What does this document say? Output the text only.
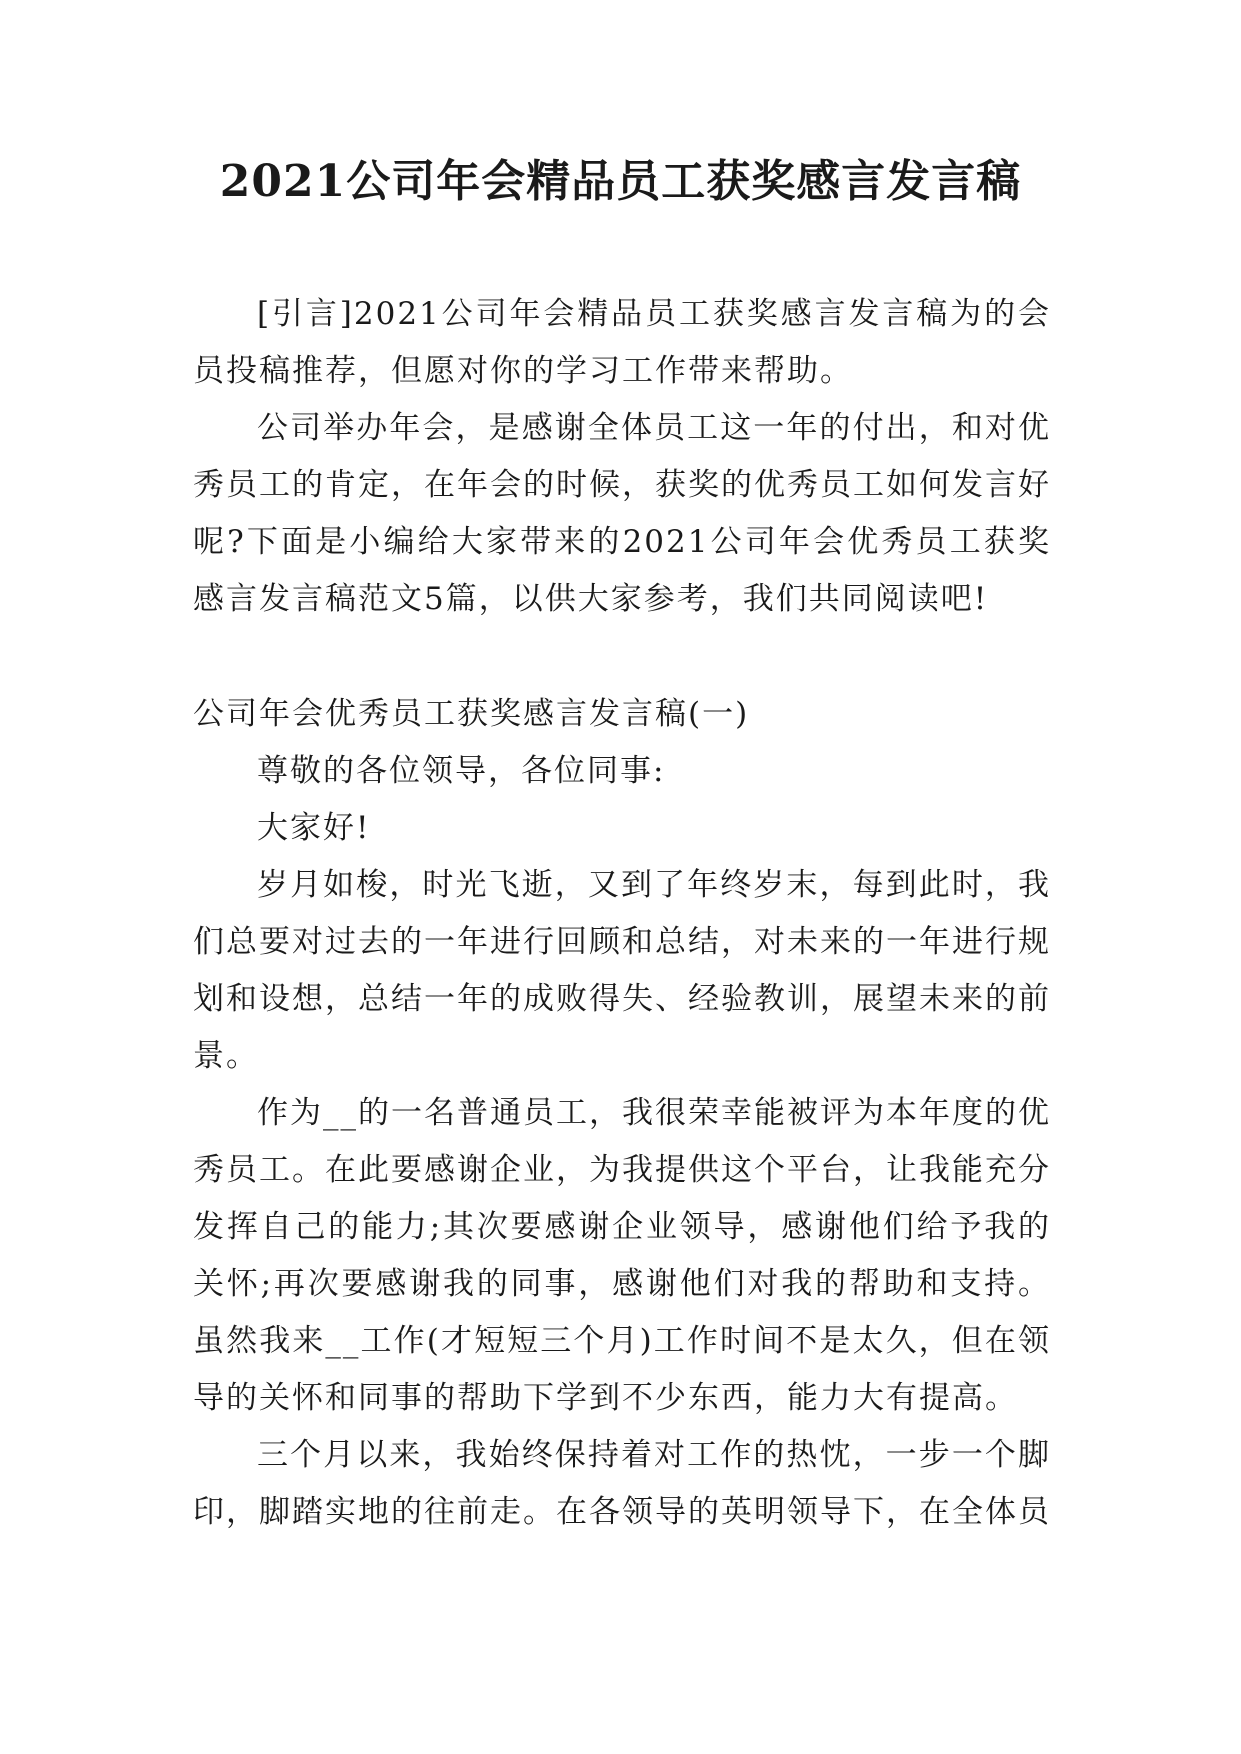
2021公司年会精品员工获奖感言发言稿

[引言]2021公司年会精品员工获奖感言发言稿为的会员投稿推荐，但愿对你的学习工作带来帮助。

公司举办年会，是感谢全体员工这一年的付出，和对优秀员工的肯定，在年会的时候，获奖的优秀员工如何发言好呢?下面是小编给大家带来的2021公司年会优秀员工获奖感言发言稿范文5篇，以供大家参考，我们共同阅读吧!

公司年会优秀员工获奖感言发言稿(一)

尊敬的各位领导，各位同事:

大家好!

岁月如梭，时光飞逝，又到了年终岁末，每到此时，我们总要对过去的一年进行回顾和总结，对未来的一年进行规划和设想，总结一年的成败得失、经验教训，展望未来的前景。

作为__的一名普通员工，我很荣幸能被评为本年度的优秀员工。在此要感谢企业，为我提供这个平台，让我能充分发挥自己的能力;其次要感谢企业领导，感谢他们给予我的关怀;再次要感谢我的同事，感谢他们对我的帮助和支持。虽然我来__工作(才短短三个月)工作时间不是太久，但在领导的关怀和同事的帮助下学到不少东西，能力大有提高。

三个月以来，我始终保持着对工作的热忱，一步一个脚印，脚踏实地的往前走。在各领导的英明领导下，在全体员
